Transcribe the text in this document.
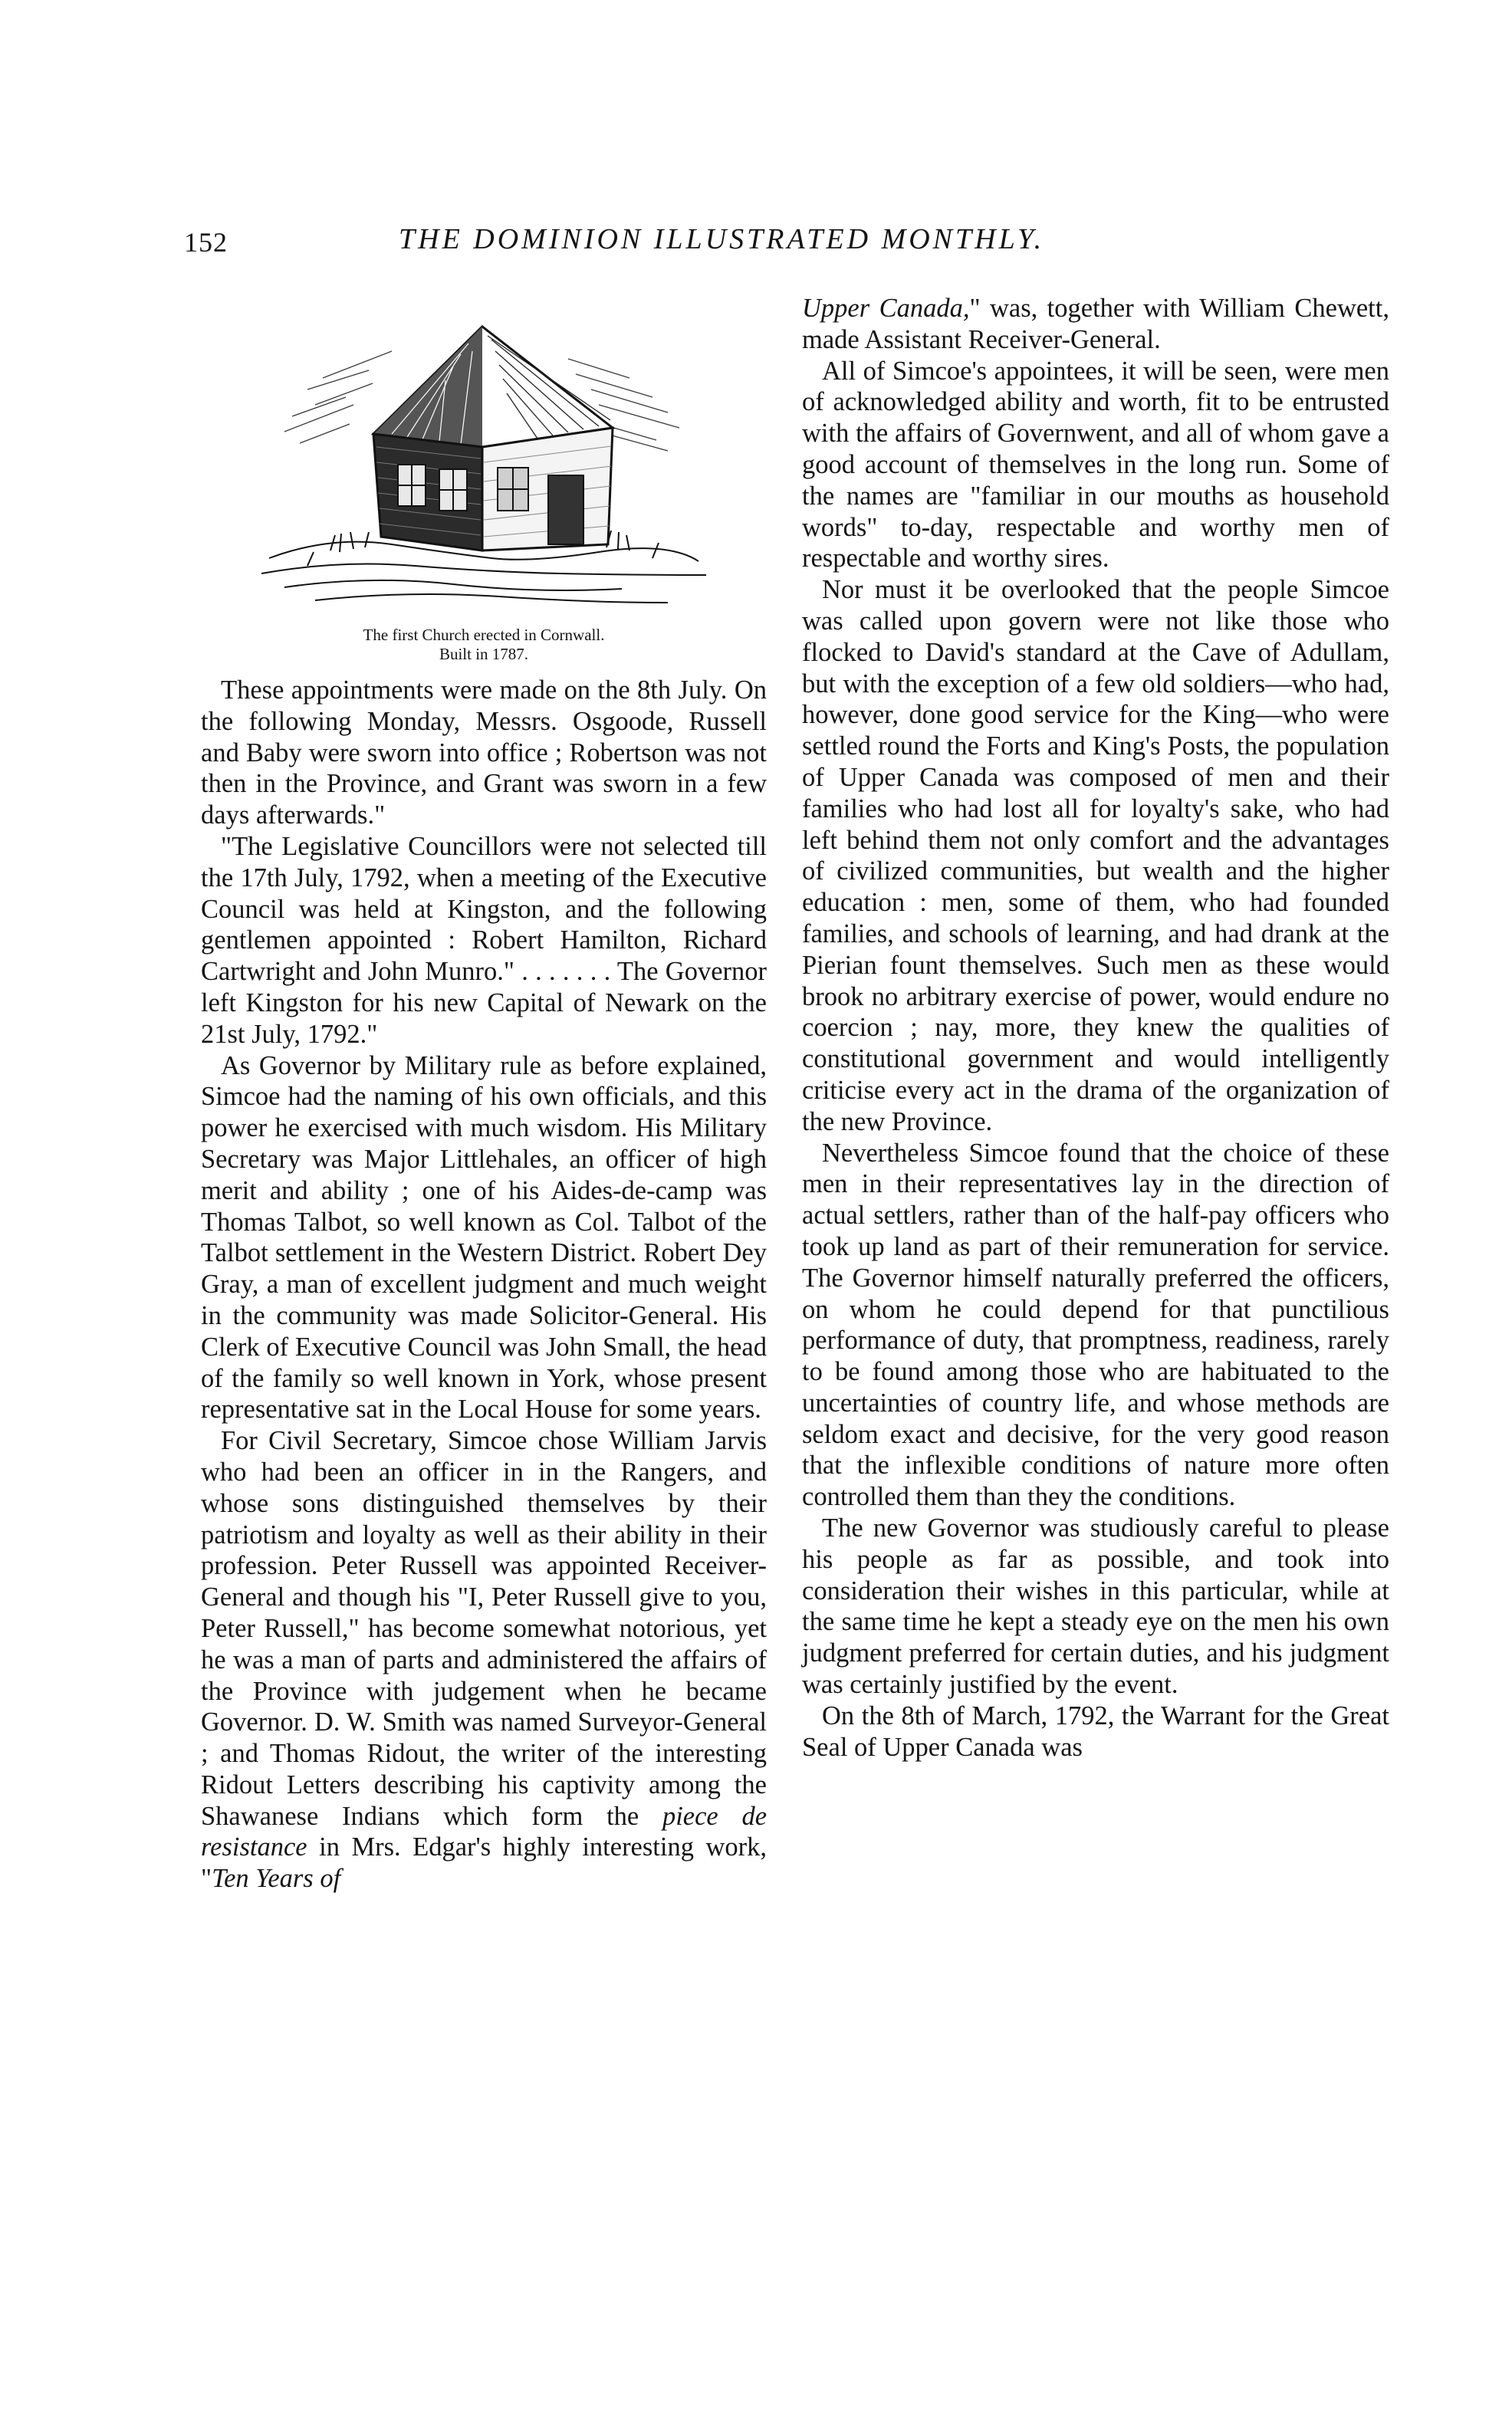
152	THE DOMINION ILLUSTRATED MONTHLY.
The first Church erected in Cornwall.
Built in 1787.

These appointments were made on the 8th July. On the following Monday, Messrs. Osgoode, Russell and Baby were sworn into office ; Robertson was not then in the Province, and Grant was sworn in a few days afterwards."

"The Legislative Councillors were not selected till the 17th July, 1792, when a meeting of the Executive Council was held at Kingston, and the following gentlemen appointed : Robert Hamilton, Richard Cartwright and John Munro." . . . . . . . The Governor left Kingston for his new Capital of Newark on the 21st July, 1792."

As Governor by Military rule as before explained, Simcoe had the naming of his own officials, and this power he exercised with much wisdom. His Military Secretary was Major Littlehales, an officer of high merit and ability ; one of his Aides-de-camp was Thomas Talbot, so well known as Col. Talbot of the Talbot settlement in the Western District. Robert Dey Gray, a man of excellent judgment and much weight in the community was made Solicitor-General. His Clerk of Executive Council was John Small, the head of the family so well known in York, whose present representative sat in the Local House for some years.

For Civil Secretary, Simcoe chose William Jarvis who had been an officer in in the Rangers, and whose sons distinguished themselves by their patriotism and loyalty as well as their ability in their profession. Peter Russell was appointed Receiver-General and though his "I, Peter Russell give to you, Peter Russell," has become somewhat notorious, yet he was a man of parts and administered the affairs of the Province with judgement when he became Governor. D. W. Smith was named Surveyor-General ; and Thomas Ridout, the writer of the interesting Ridout Letters describing his captivity among the Shawanese Indians which form the piece de resistance in Mrs. Edgar's highly interesting work, "Ten Years of

Upper Canada," was, together with William Chewett, made Assistant Receiver-General.

All of Simcoe's appointees, it will be seen, were men of acknowledged ability and worth, fit to be entrusted with the affairs of Governwent, and all of whom gave a good account of themselves in the long run. Some of the names are "familiar in our mouths as household words" to-day, respectable and worthy men of respectable and worthy sires.

Nor must it be overlooked that the people Simcoe was called upon govern were not like those who flocked to David's standard at the Cave of Adullam, but with the exception of a few old soldiers—who had, however, done good service for the King—who were settled round the Forts and King's Posts, the population of Upper Canada was composed of men and their families who had lost all for loyalty's sake, who had left behind them not only comfort and the advantages of civilized communities, but wealth and the higher education : men, some of them, who had founded families, and schools of learning, and had drank at the Pierian fount themselves. Such men as these would brook no arbitrary exercise of power, would endure no coercion ; nay, more, they knew the qualities of constitutional government and would intelligently criticise every act in the drama of the organization of the new Province.

Nevertheless Simcoe found that the choice of these men in their representatives lay in the direction of actual settlers, rather than of the half-pay officers who took up land as part of their remuneration for service. The Governor himself naturally preferred the officers, on whom he could depend for that punctilious performance of duty, that promptness, readiness, rarely to be found among those who are habituated to the uncertainties of country life, and whose methods are seldom exact and decisive, for the very good reason that the inflexible conditions of nature more often controlled them than they the conditions.

The new Governor was studiously careful to please his people as far as possible, and took into consideration their wishes in this particular, while at the same time he kept a steady eye on the men his own judgment preferred for certain duties, and his judgment was certainly justified by the event.

On the 8th of March, 1792, the Warrant for the Great Seal of Upper Canada was
